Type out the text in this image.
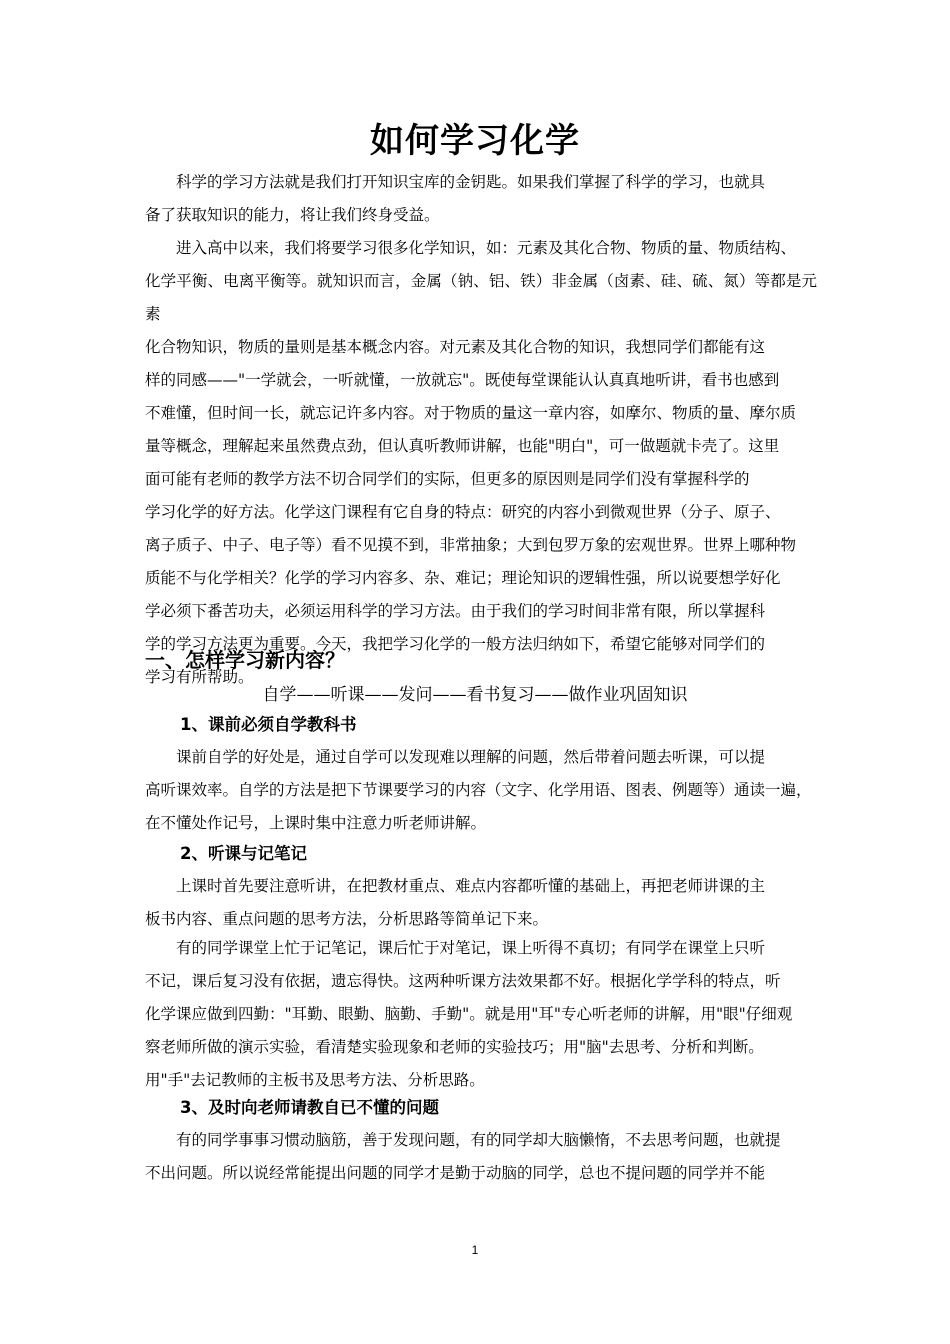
如何学习化学
　　科学的学习方法就是我们打开知识宝库的金钥匙。如果我们掌握了科学的学习，也就具
备了获取知识的能力，将让我们终身受益。
　　进入高中以来，我们将要学习很多化学知识，如：元素及其化合物、物质的量、物质结构、
化学平衡、电离平衡等。就知识而言，金属（钠、铝、铁）非金属（卤素、硅、硫、氮）等都是元素
化合物知识，物质的量则是基本概念内容。对元素及其化合物的知识，我想同学们都能有这
样的同感——"一学就会，一听就懂，一放就忘"。既使每堂课能认认真真地听讲，看书也感到
不难懂，但时间一长，就忘记许多内容。对于物质的量这一章内容，如摩尔、物质的量、摩尔质
量等概念，理解起来虽然费点劲，但认真听教师讲解，也能"明白"，可一做题就卡壳了。这里
面可能有老师的教学方法不切合同学们的实际，但更多的原因则是同学们没有掌握科学的
学习化学的好方法。化学这门课程有它自身的特点：研究的内容小到微观世界（分子、原子、
离子质子、中子、电子等）看不见摸不到，非常抽象；大到包罗万象的宏观世界。世界上哪种物
质能不与化学相关？化学的学习内容多、杂、难记；理论知识的逻辑性强，所以说要想学好化
学必须下番苦功夫，必须运用科学的学习方法。由于我们的学习时间非常有限，所以掌握科
学的学习方法更为重要。今天，我把学习化学的一般方法归纳如下，希望它能够对同学们的
学习有所帮助。
一、怎样学习新内容？
自学——听课——发问——看书复习——做作业巩固知识
1、课前必须自学教科书
　　课前自学的好处是，通过自学可以发现难以理解的问题，然后带着问题去听课，可以提
高听课效率。自学的方法是把下节课要学习的内容（文字、化学用语、图表、例题等）通读一遍，
在不懂处作记号，上课时集中注意力听老师讲解。
2、听课与记笔记
　　上课时首先要注意听讲，在把教材重点、难点内容都听懂的基础上，再把老师讲课的主
板书内容、重点问题的思考方法，分析思路等简单记下来。
　　有的同学课堂上忙于记笔记，课后忙于对笔记，课上听得不真切；有同学在课堂上只听
不记，课后复习没有依据，遗忘得快。这两种听课方法效果都不好。根据化学学科的特点，听
化学课应做到四勤："耳勤、眼勤、脑勤、手勤"。就是用"耳"专心听老师的讲解，用"眼"仔细观
察老师所做的演示实验，看清楚实验现象和老师的实验技巧；用"脑"去思考、分析和判断。
用"手"去记教师的主板书及思考方法、分析思路。
3、及时向老师请教自已不懂的问题
　　有的同学事事习惯动脑筋，善于发现问题，有的同学却大脑懒惰，不去思考问题，也就提
不出问题。所以说经常能提出问题的同学才是勤于动脑的同学，总也不提问题的同学并不能
1
